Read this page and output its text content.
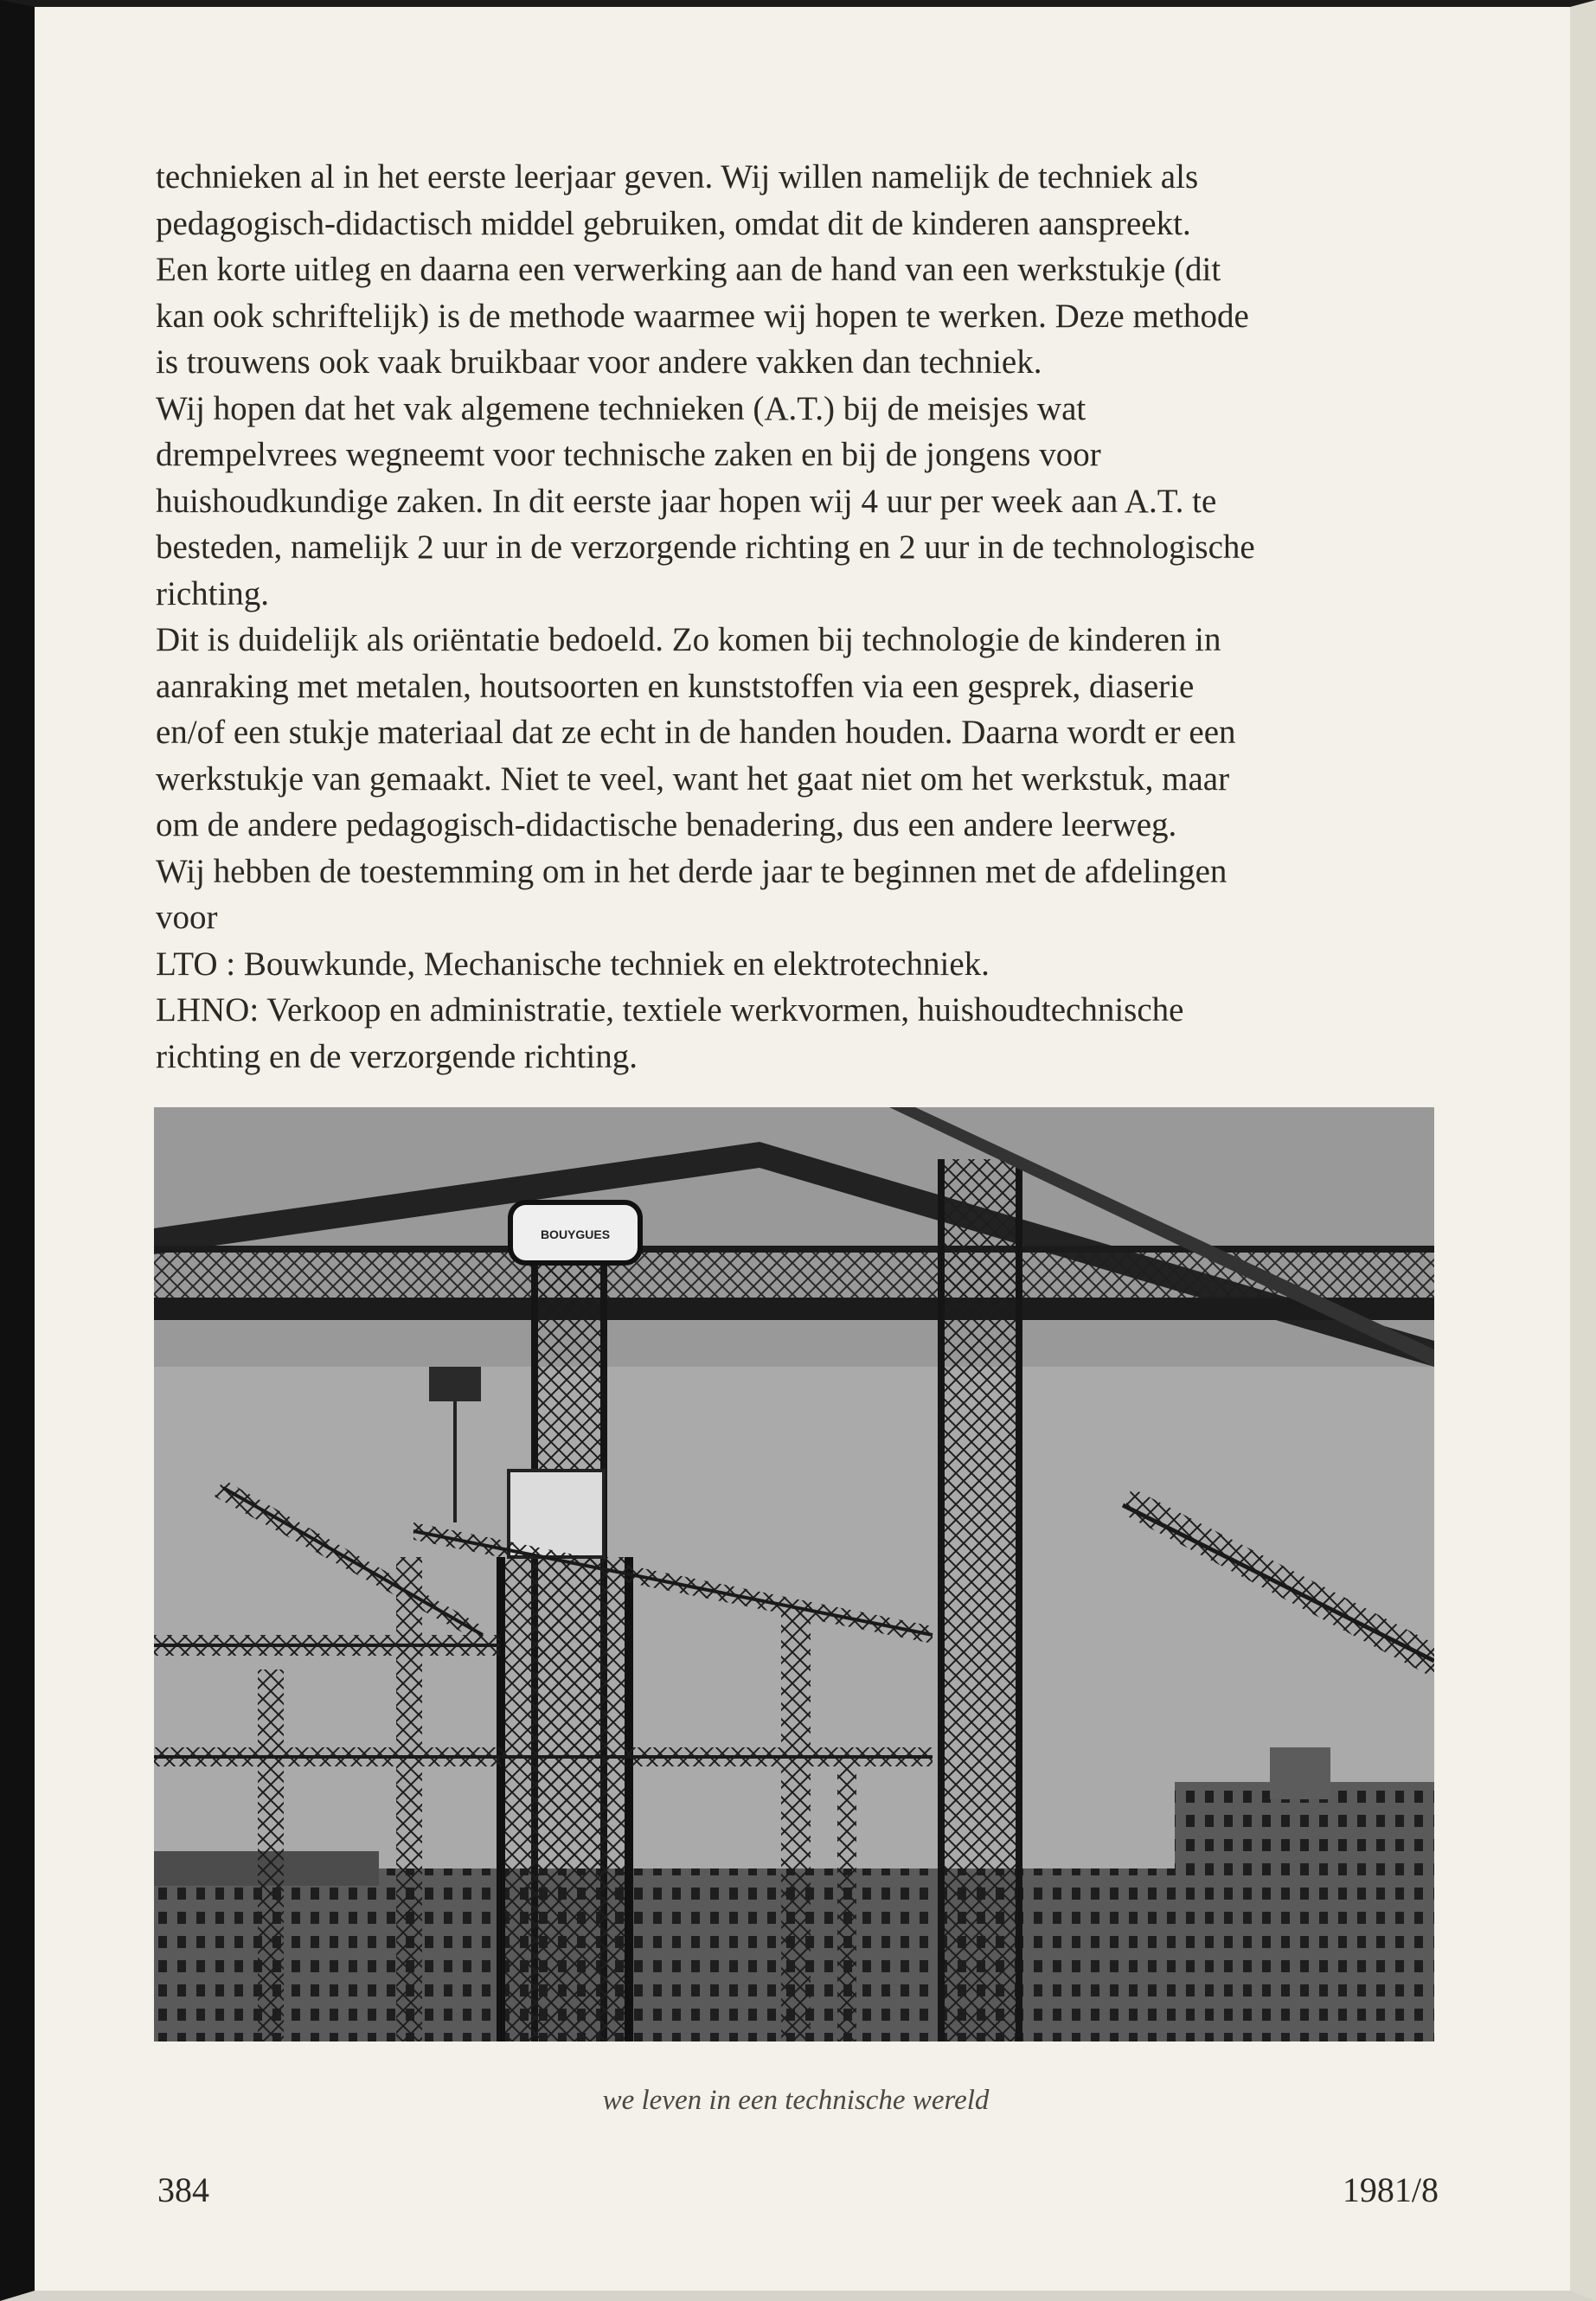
technieken al in het eerste leerjaar geven. Wij willen namelijk de techniek als
pedagogisch-didactisch middel gebruiken, omdat dit de kinderen aanspreekt.
Een korte uitleg en daarna een verwerking aan de hand van een werkstukje (dit
kan ook schriftelijk) is de methode waarmee wij hopen te werken. Deze methode
is trouwens ook vaak bruikbaar voor andere vakken dan techniek.
Wij hopen dat het vak algemene technieken (A.T.) bij de meisjes wat
drempelvrees wegneemt voor technische zaken en bij de jongens voor
huishoudkundige zaken. In dit eerste jaar hopen wij 4 uur per week aan A.T. te
besteden, namelijk 2 uur in de verzorgende richting en 2 uur in de technologische
richting.
Dit is duidelijk als oriëntatie bedoeld. Zo komen bij technologie de kinderen in
aanraking met metalen, houtsoorten en kunststoffen via een gesprek, diaserie
en/of een stukje materiaal dat ze echt in de handen houden. Daarna wordt er een
werkstukje van gemaakt. Niet te veel, want het gaat niet om het werkstuk, maar
om de andere pedagogisch-didactische benadering, dus een andere leerweg.
Wij hebben de toestemming om in het derde jaar te beginnen met de afdelingen
voor
LTO : Bouwkunde, Mechanische techniek en elektrotechniek.
LHNO: Verkoop en administratie, textiele werkvormen, huishoudtechnische
richting en de verzorgende richting.
BOUYGUES
we leven in een technische wereld
384	1981/8
